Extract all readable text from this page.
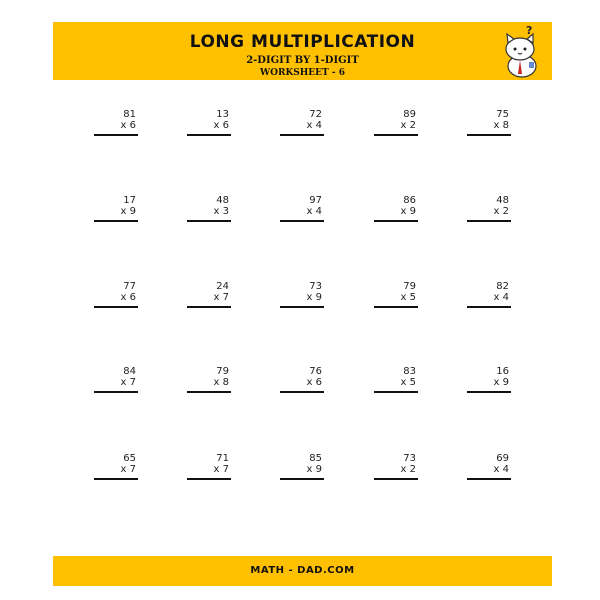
LONG MULTIPLICATION
2-DIGIT BY 1-DIGIT
WORKSHEET - 6
?
81
x 6
13
x 6
72
x 4
89
x 2
75
x 8
17
x 9
48
x 3
97
x 4
86
x 9
48
x 2
77
x 6
24
x 7
73
x 9
79
x 5
82
x 4
84
x 7
79
x 8
76
x 6
83
x 5
16
x 9
65
x 7
71
x 7
85
x 9
73
x 2
69
x 4
MATH - DAD.COM
